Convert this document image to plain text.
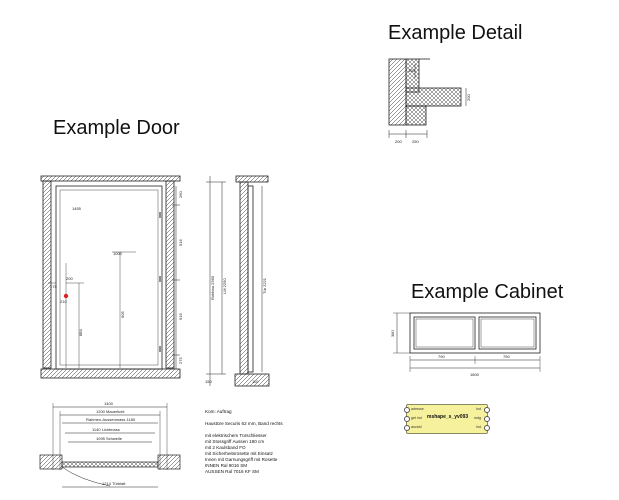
Example Detail
Example Door
Example Cabinet
200	250
200
150
1455
905
1000
884
200
175
210
260
916
916
275
Rohbau 2360 LM 2250	Tür 2221
150	110
1400
1200 Mauerlicht
Rahmen-Aussenmass 1180
1140 Lichtmass
1095 Schwelle
1214 Türblatt
1600
790	790
380
Kom: Auftrag
Haustüre Securis 62 mm, Band rechts
mit elektrischem Türschliesser
mit Stossgriff Aussen 180 cm
mit 2 Kaulsband FO
mit Sicherheitsrosette mit Einsatz
Innen mit Garnungsgriff mit Rosette
INNEN Ral 9016 SM
AUSSEN Ral 7016 KF SM
adresse	Ind
get ind	mdg
anzahl	Ind
mshape_s_yv093
